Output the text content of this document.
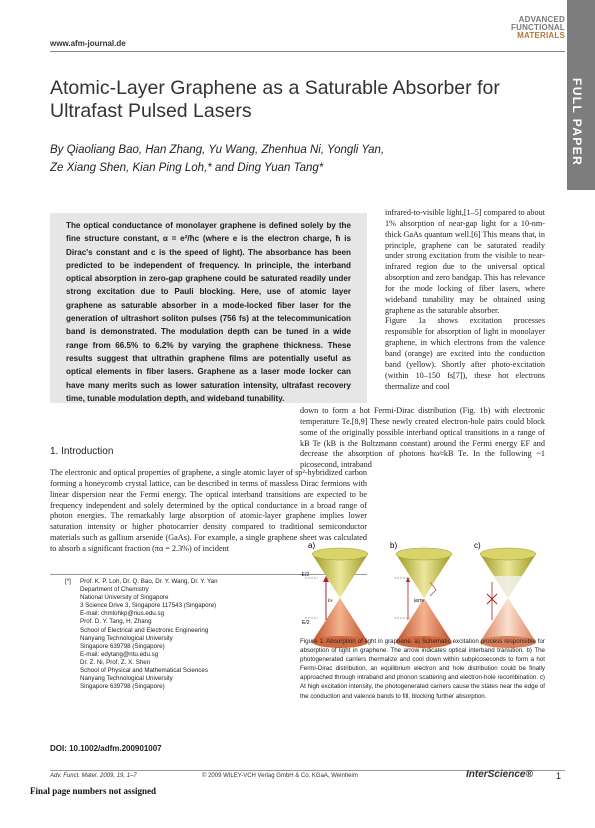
www.afm-journal.de
ADVANCED
FUNCTIONAL
MATERIALS
FULL PAPER
Atomic-Layer Graphene as a Saturable Absorber for Ultrafast Pulsed Lasers
By Qiaoliang Bao, Han Zhang, Yu Wang, Zhenhua Ni, Yongli Yan,
Ze Xiang Shen, Kian Ping Loh,* and Ding Yuan Tang*

The optical conductance of monolayer graphene is defined solely by the fine structure constant, α = e²/ħc (where e is the electron charge, ħ is Dirac's constant and c is the speed of light). The absorbance has been predicted to be independent of frequency. In principle, the interband optical absorption in zero-gap graphene could be saturated readily under strong excitation due to Pauli blocking. Here, use of atomic layer graphene as saturable absorber in a mode-locked fiber laser for the generation of ultrashort soliton pulses (756 fs) at the telecommunication band is demonstrated. The modulation depth can be tuned in a wide range from 66.5% to 6.2% by varying the graphene thickness. These results suggest that ultrathin graphene films are potentially useful as optical elements in fiber lasers. Graphene as a laser mode locker can have many merits such as lower saturation intensity, ultrafast recovery time, tunable modulation depth, and wideband tunability.

infrared-to-visible light,[1–5] compared to about 1% absorption of near-gap light for a 10-nm-thick GaAs quantum well.[6] This means that, in principle, graphene can be saturated readily under strong excitation from the visible to near-infrared region due to the universal optical absorption and zero bandgap. This has relevance for the mode locking of fiber lasers, where wideband tunability may be obtained using graphene as the saturable absorber.
Figure 1a shows excitation processes responsible for absorption of light in monolayer graphene, in which electrons from the valence band (orange) are excited into the conduction band (yellow). Shortly after photo-excitation (within 10–150 fs[7]), these hot electrons thermalize and cool
down to form a hot Fermi-Dirac distribution (Fig. 1b) with electronic temperature Te.[8,9] These newly created electron-hole pairs could block some of the originally possible interband optical transitions in a range of kB Te (kB is the Boltzmann constant) around the Fermi energy EF and decrease the absorption of photons ħω≈kB Te. In the following ~1 picosecond, intraband
1. Introduction
The electronic and optical properties of graphene, a single atomic layer of sp²-hybridized carbon forming a honeycomb crystal lattice, can be described in terms of massless Dirac fermions with linear dispersion near the Fermi energy. The optical interband transitions are expected to be frequency independent and solely determined by the optical conductance in a broad range of photon energies. The remarkably large absorption of atomic-layer graphene implies lower saturation intensity or higher photocarrier density compared to traditional semiconductor materials such as gallium arsenide (GaAs). For example, a single graphene sheet was calculated to absorb a significant fraction (πα = 2.3%) of incident
[*] Prof. K. P. Loh, Dr. Q. Bao, Dr. Y. Wang, Dr. Y. Yan
Department of Chemistry
National University of Singapore
3 Science Drive 3, Singapore 117543 (Singapore)
E-mail: chmlohkp@nus.edu.sg
Prof. D. Y. Tang, H. Zhang
School of Electrical and Electronic Engineering
Nanyang Technological University
Singapore 639798 (Singapore)
E-mail: edytang@ntu.edu.sg
Dr. Z. Ni, Prof. Z. X. Shen
School of Physical and Mathematical Sciences
Nanyang Technological University
Singapore 639798 (Singapore)
DOI: 10.1002/adfm.200901007
a)
-E/2
E/2
hν
b)
kBTe
c)
Figure 1. Absorption of light in graphene. a) Schematic excitation process responsible for absorption of light in graphene. The arrow indicates optical interband transition. b) The photogenerated carriers thermalize and cool down within subpicoseconds to form a hot Fermi-Dirac distribution, an equilibrium electron and hole distribution could be finally approached through intraband and phonon scattering and electron-hole recombination. c) At high excitation intensity, the photogenerated carriers cause the states near the edge of the conduction and valence bands to fill, blocking further absorption.
Adv. Funct. Mater. 2009, 19, 1–7	© 2009 WILEY-VCH Verlag GmbH & Co. KGaA, Weinheim	InterScience®	1
Final page numbers not assigned
